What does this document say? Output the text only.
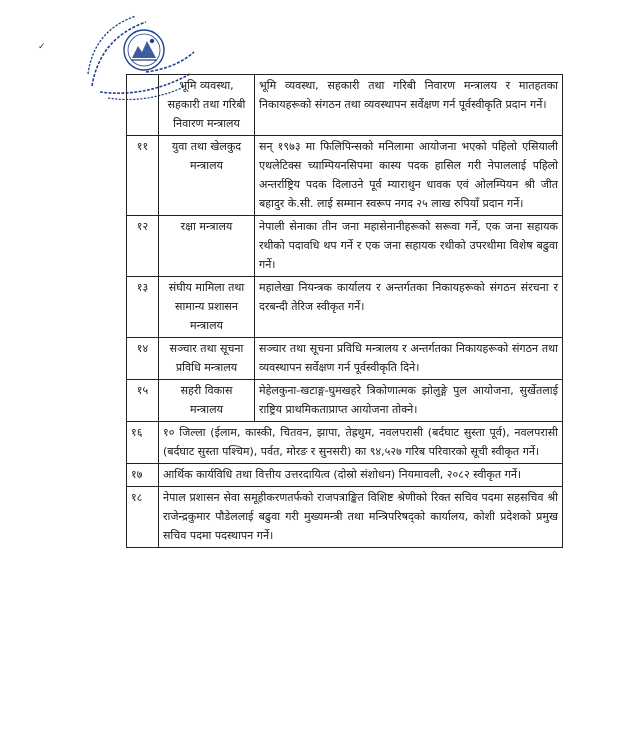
✓
	भूमि व्यवस्था, सहकारी तथा गरिबी निवारण मन्त्रालय	भूमि व्यवस्था, सहकारी तथा गरिबी निवारण मन्त्रालय र मातहतका निकायहरूको संगठन तथा व्यवस्थापन सर्वेक्षण गर्न पूर्वस्वीकृति प्रदान गर्ने।
११	युवा तथा खेलकुद मन्त्रालय	सन् १९७३ मा फिलिपिन्सको मनिलामा आयोजना भएको पहिलो एसियाली एथलेटिक्स च्याम्पियनसिपमा कास्य पदक हासिल गरी नेपाललाई पहिलो अन्तर्राष्ट्रिय पदक दिलाउने पूर्व म्याराथुन धावक एवं ओलम्पियन श्री जीत बहादुर के.सी. लाई सम्मान स्वरूप नगद २५ लाख रुपियाँ प्रदान गर्ने।
१२	रक्षा मन्त्रालय	नेपाली सेनाका तीन जना महासेनानीहरूको सरूवा गर्ने, एक जना सहायक रथीको पदावधि थप गर्ने र एक जना सहायक रथीको उपरथीमा विशेष बढुवा गर्ने।
१३	संघीय मामिला तथा सामान्य प्रशासन मन्त्रालय	महालेखा नियन्त्रक कार्यालय र अन्तर्गतका निकायहरूको संगठन संरचना र दरबन्दी तेरिज स्वीकृत गर्ने।
१४	सञ्चार तथा सूचना प्रविधि मन्त्रालय	सञ्चार तथा सूचना प्रविधि मन्त्रालय र अन्तर्गतका निकायहरूको संगठन तथा व्यवस्थापन सर्वेक्षण गर्न पूर्वस्वीकृति दिने।
१५	सहरी विकास मन्त्रालय	मेहेलकुना-खटाङ्ग-घुमखहरे त्रिकोणात्मक झोलुङ्गे पुल आयोजना, सुर्खेतलाई राष्ट्रिय प्राथमिकताप्राप्त आयोजना तोक्ने।
१६	१० जिल्ला (ईलाम, कास्की, चितवन, झापा, तेह्रथुम, नवलपरासी (बर्दघाट सुस्ता पूर्व), नवलपरासी (बर्दघाट सुस्ता पश्चिम), पर्वत, मोरङ र सुनसरी) का ९४,५२७ गरिब परिवारको सूची स्वीकृत गर्ने।	
१७	आर्थिक कार्यविधि तथा वित्तीय उत्तरदायित्व (दोस्रो संशोधन) नियमावली, २०८२ स्वीकृत गर्ने।	
१८	नेपाल प्रशासन सेवा समूहीकरणतर्फको राजपत्राङ्कित विशिष्ट श्रेणीको रिक्त सचिव पदमा सहसचिव श्री राजेन्द्रकुमार पौडेललाई बढुवा गरी मुख्यमन्त्री तथा मन्त्रिपरिषद्को कार्यालय, कोशी प्रदेशको प्रमुख सचिव पदमा पदस्थापन गर्ने।	
